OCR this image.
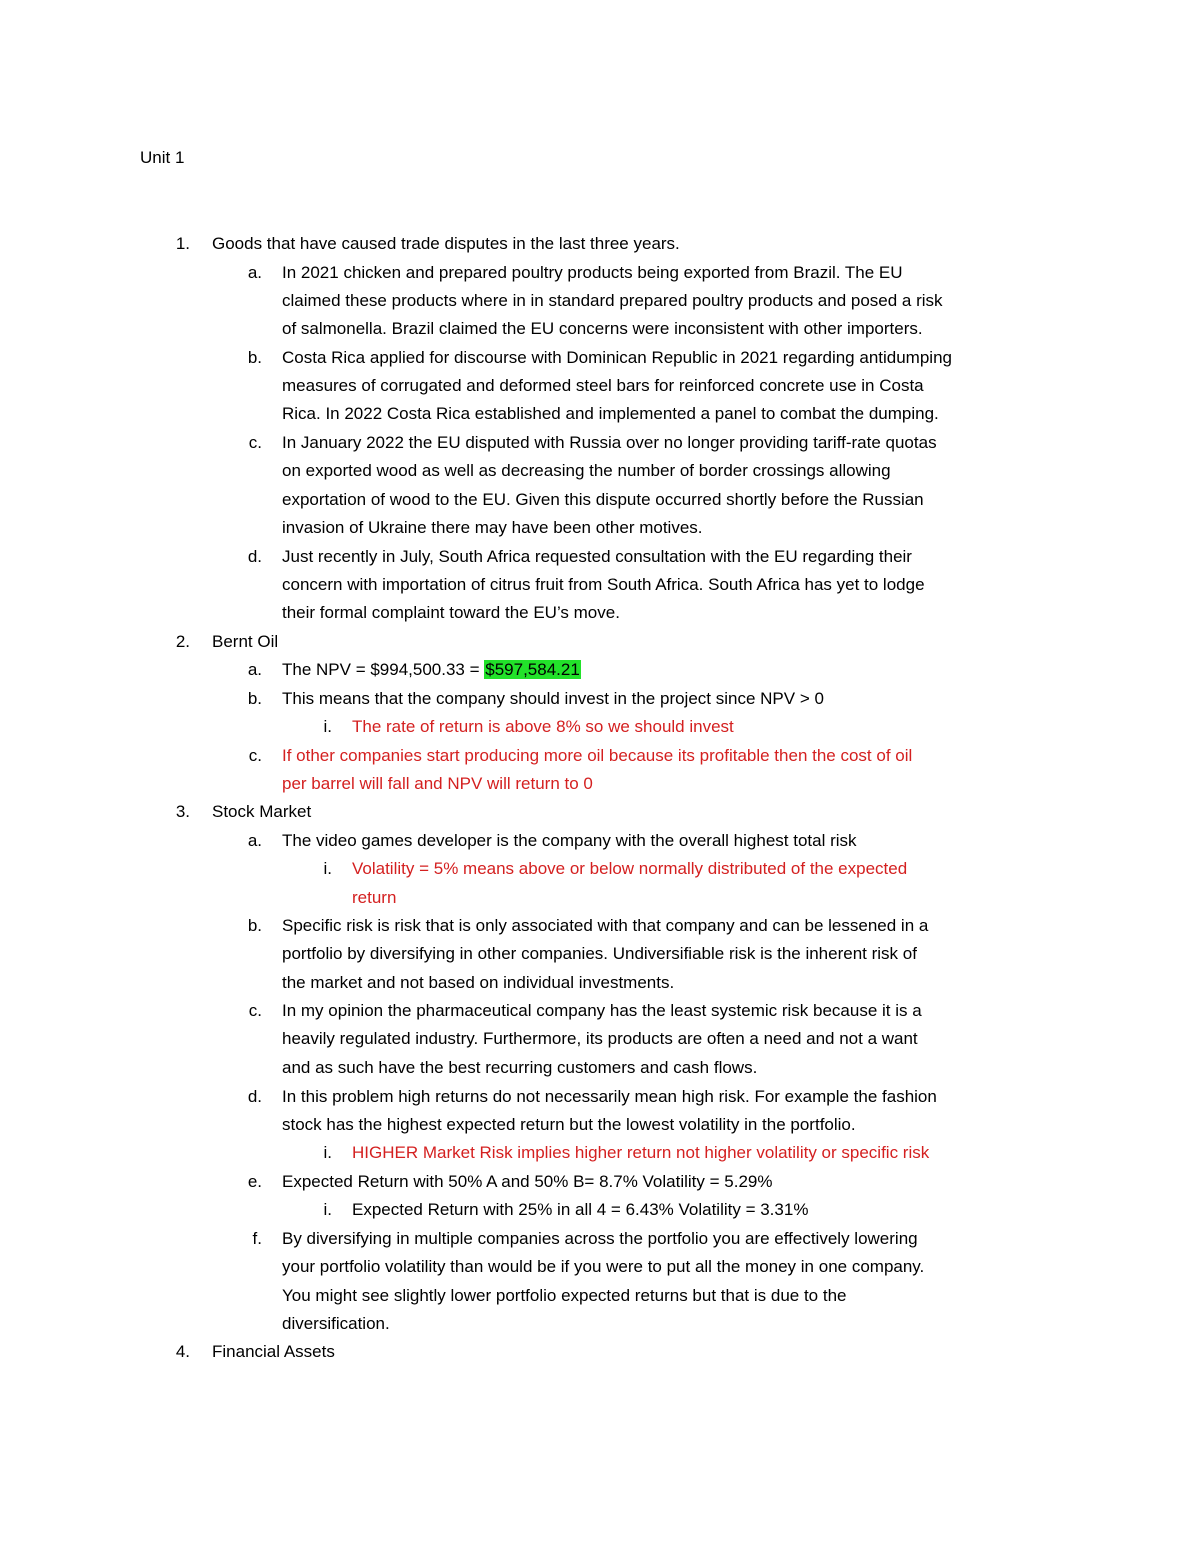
Unit 1
1. Goods that have caused trade disputes in the last three years.
a. In 2021 chicken and prepared poultry products being exported from Brazil. The EU
claimed these products where in in standard prepared poultry products and posed a risk
of salmonella. Brazil claimed the EU concerns were inconsistent with other importers.
b. Costa Rica applied for discourse with Dominican Republic in 2021 regarding antidumping
measures of corrugated and deformed steel bars for reinforced concrete use in Costa
Rica. In 2022 Costa Rica established and implemented a panel to combat the dumping.
c. In January 2022 the EU disputed with Russia over no longer providing tariff-rate quotas
on exported wood as well as decreasing the number of border crossings allowing
exportation of wood to the EU. Given this dispute occurred shortly before the Russian
invasion of Ukraine there may have been other motives.
d. Just recently in July, South Africa requested consultation with the EU regarding their
concern with importation of citrus fruit from South Africa. South Africa has yet to lodge
their formal complaint toward the EU’s move.
2. Bernt Oil
a. The NPV = $994,500.33 = $597,584.21
b. This means that the company should invest in the project since NPV > 0
i. The rate of return is above 8% so we should invest
c. If other companies start producing more oil because its profitable then the cost of oil
per barrel will fall and NPV will return to 0
3. Stock Market
a. The video games developer is the company with the overall highest total risk
i. Volatility = 5% means above or below normally distributed of the expected
return
b. Specific risk is risk that is only associated with that company and can be lessened in a
portfolio by diversifying in other companies. Undiversifiable risk is the inherent risk of
the market and not based on individual investments.
c. In my opinion the pharmaceutical company has the least systemic risk because it is a
heavily regulated industry. Furthermore, its products are often a need and not a want
and as such have the best recurring customers and cash flows.
d. In this problem high returns do not necessarily mean high risk. For example the fashion
stock has the highest expected return but the lowest volatility in the portfolio.
i. HIGHER Market Risk implies higher return not higher volatility or specific risk
e. Expected Return with 50% A and 50% B= 8.7% Volatility = 5.29%
i. Expected Return with 25% in all 4 = 6.43% Volatility = 3.31%
f. By diversifying in multiple companies across the portfolio you are effectively lowering
your portfolio volatility than would be if you were to put all the money in one company.
You might see slightly lower portfolio expected returns but that is due to the
diversification.
4. Financial Assets
